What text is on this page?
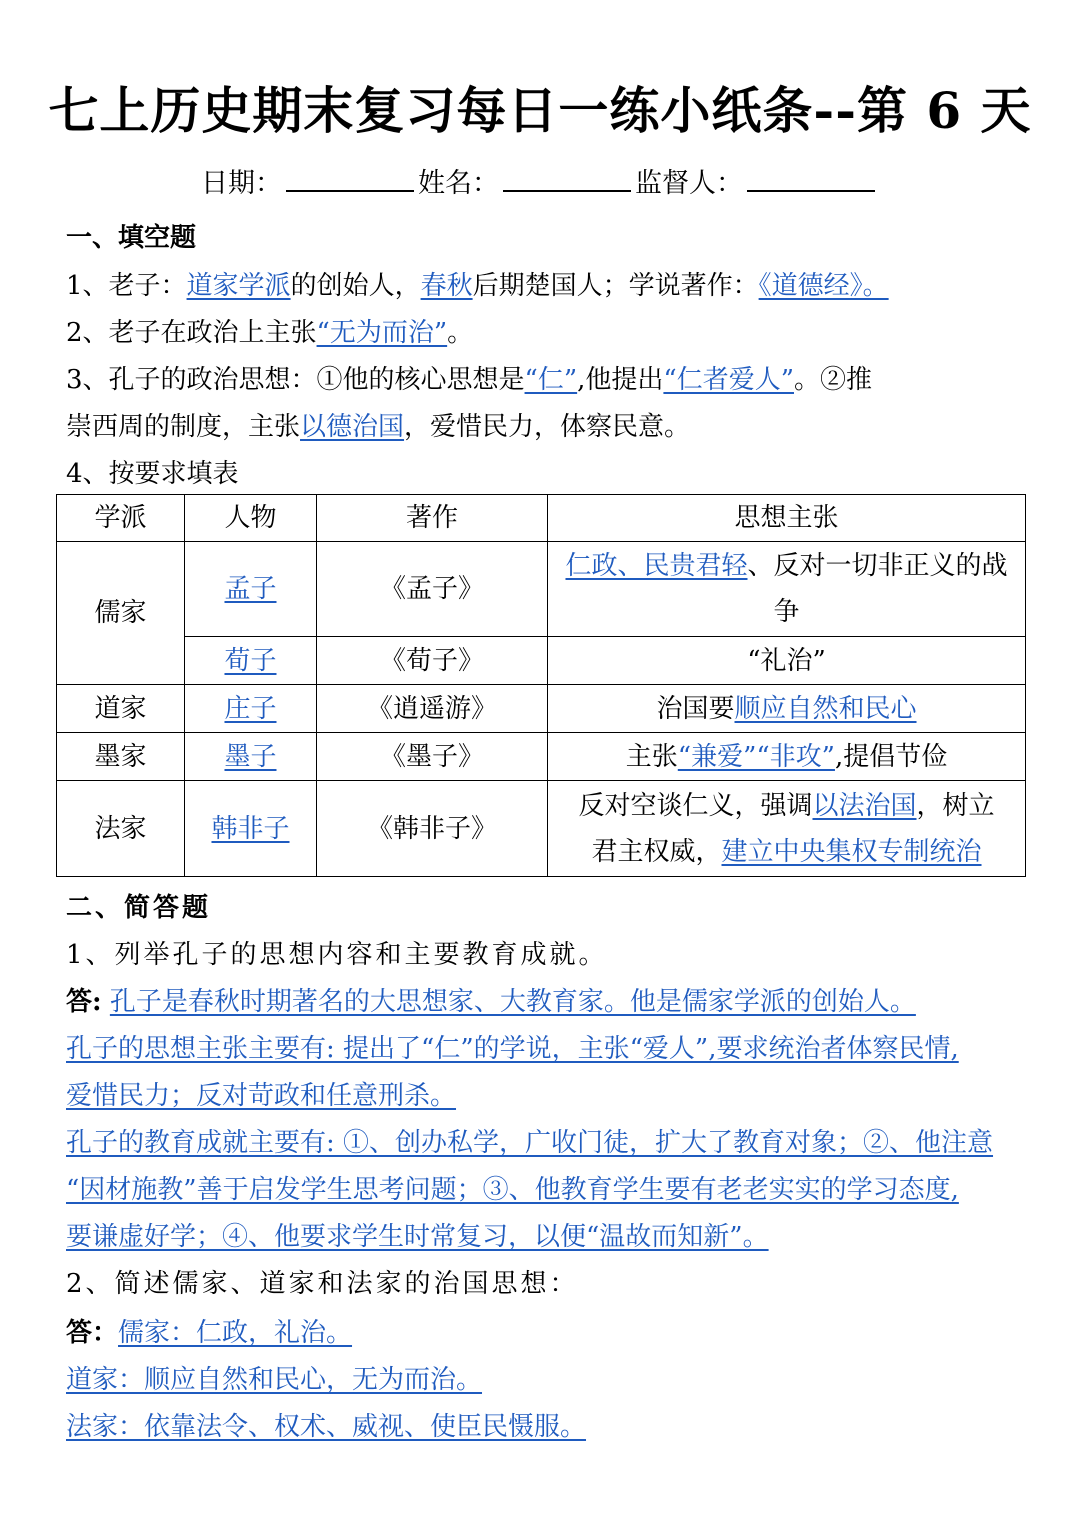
七上历史期末复习每日一练小纸条--第 6 天
日期：	姓名：	监督人：
一、填空题
1、老子：道家学派的创始人，春秋后期楚国人；学说著作：《道德经》。
2、老子在政治上主张“无为而治”。
3、孔子的政治思想：①他的核心思想是“仁”,他提出“仁者爱人”。②推
崇西周的制度，主张以德治国，爱惜民力，体察民意。
4、按要求填表
学派	人物	著作	思想主张
儒家	孟子	《孟子》	仁政、民贵君轻、反对一切非正义的战争
	荀子	《荀子》	“礼治”
道家	庄子	《逍遥游》	治国要顺应自然和民心
墨家	墨子	《墨子》	主张“兼爱”“非攻”,提倡节俭
法家	韩非子	《韩非子》	反对空谈仁义，强调以法治国，树立
君主权威，建立中央集权专制统治
二、简答题
1、列举孔子的思想内容和主要教育成就。
答: 孔子是春秋时期著名的大思想家、大教育家。他是儒家学派的创始人。
孔子的思想主张主要有: 提出了“仁”的学说，主张“爱人”,要求统治者体察民情,
爱惜民力；反对苛政和任意刑杀。
孔子的教育成就主要有: ①、创办私学，广收门徒，扩大了教育对象；②、他注意
“因材施教”善于启发学生思考问题；③、他教育学生要有老老实实的学习态度,
要谦虚好学；④、他要求学生时常复习，以便“温故而知新”。
2、简述儒家、道家和法家的治国思想：
答：儒家：仁政，礼治。
道家：顺应自然和民心，无为而治。
法家：依靠法令、权术、威视、使臣民慑服。
